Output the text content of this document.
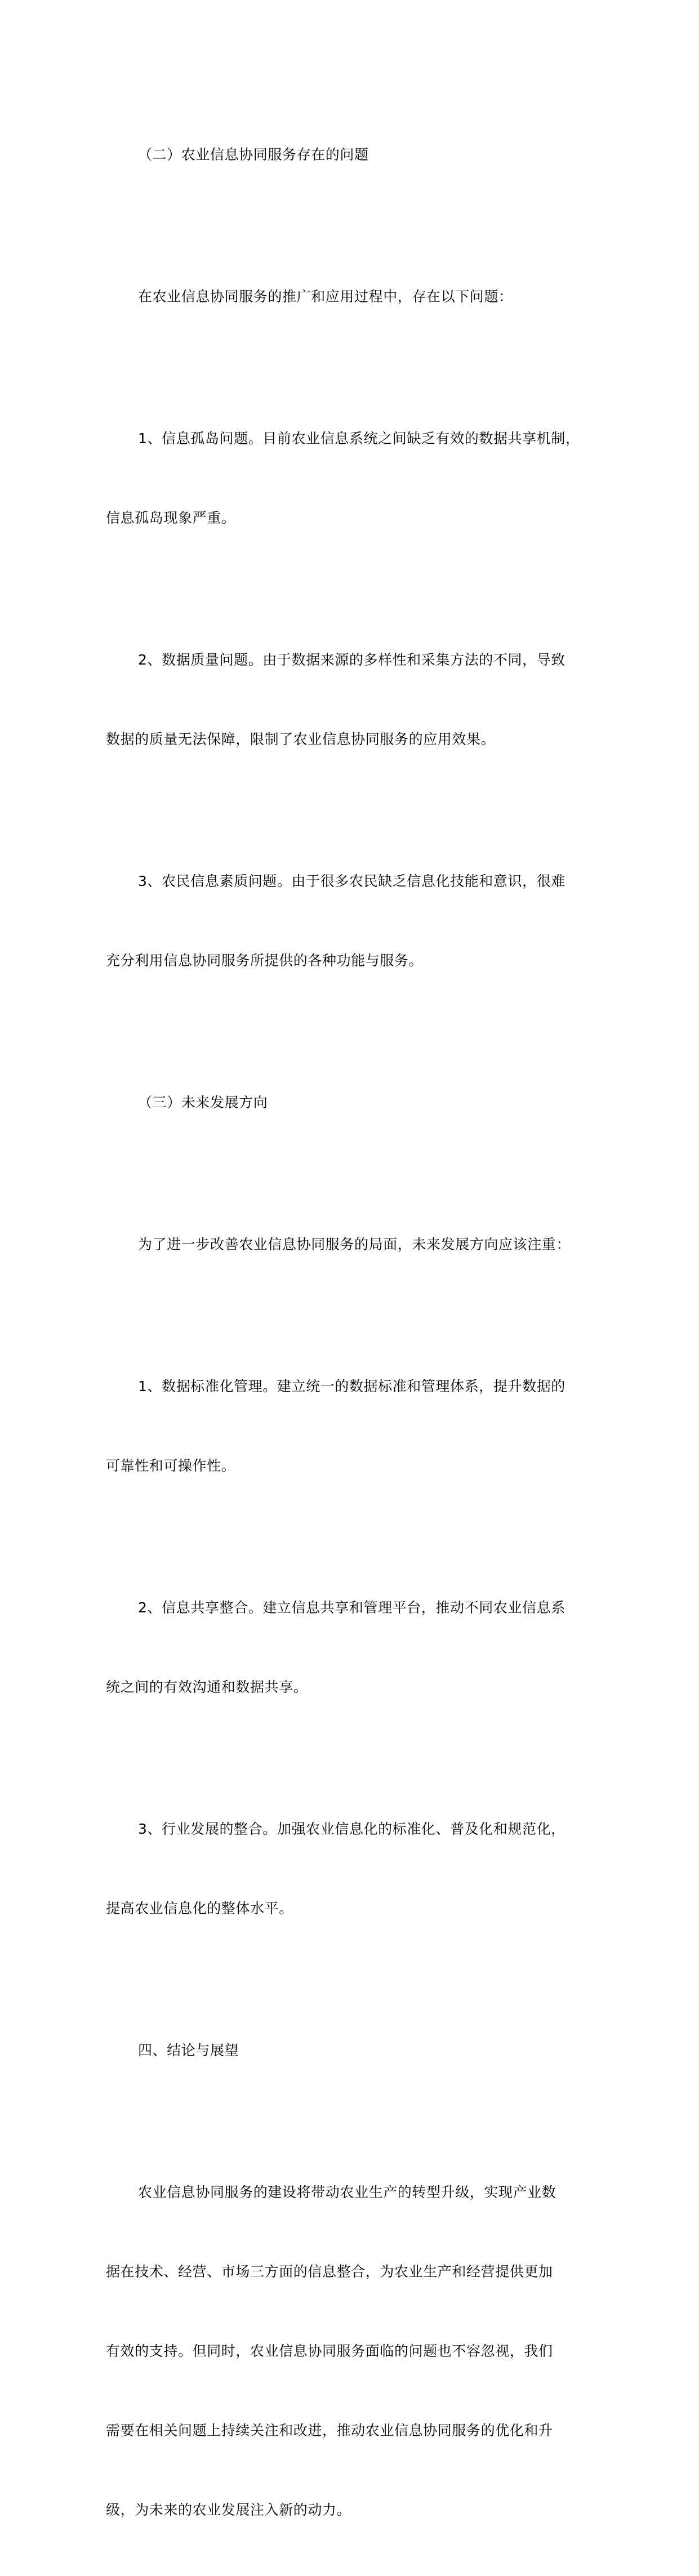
（二）农业信息协同服务存在的问题

在农业信息协同服务的推广和应用过程中，存在以下问题：

1、信息孤岛问题。目前农业信息系统之间缺乏有效的数据共享机制，

信息孤岛现象严重。

2、数据质量问题。由于数据来源的多样性和采集方法的不同，导致

数据的质量无法保障，限制了农业信息协同服务的应用效果。

3、农民信息素质问题。由于很多农民缺乏信息化技能和意识，很难

充分利用信息协同服务所提供的各种功能与服务。

（三）未来发展方向

为了进一步改善农业信息协同服务的局面，未来发展方向应该注重：

1、数据标准化管理。建立统一的数据标准和管理体系，提升数据的

可靠性和可操作性。

2、信息共享整合。建立信息共享和管理平台，推动不同农业信息系

统之间的有效沟通和数据共享。

3、行业发展的整合。加强农业信息化的标准化、普及化和规范化，

提高农业信息化的整体水平。

四、结论与展望

农业信息协同服务的建设将带动农业生产的转型升级，实现产业数

据在技术、经营、市场三方面的信息整合，为农业生产和经营提供更加

有效的支持。但同时，农业信息协同服务面临的问题也不容忽视，我们

需要在相关问题上持续关注和改进，推动农业信息协同服务的优化和升

级，为未来的农业发展注入新的动力。
